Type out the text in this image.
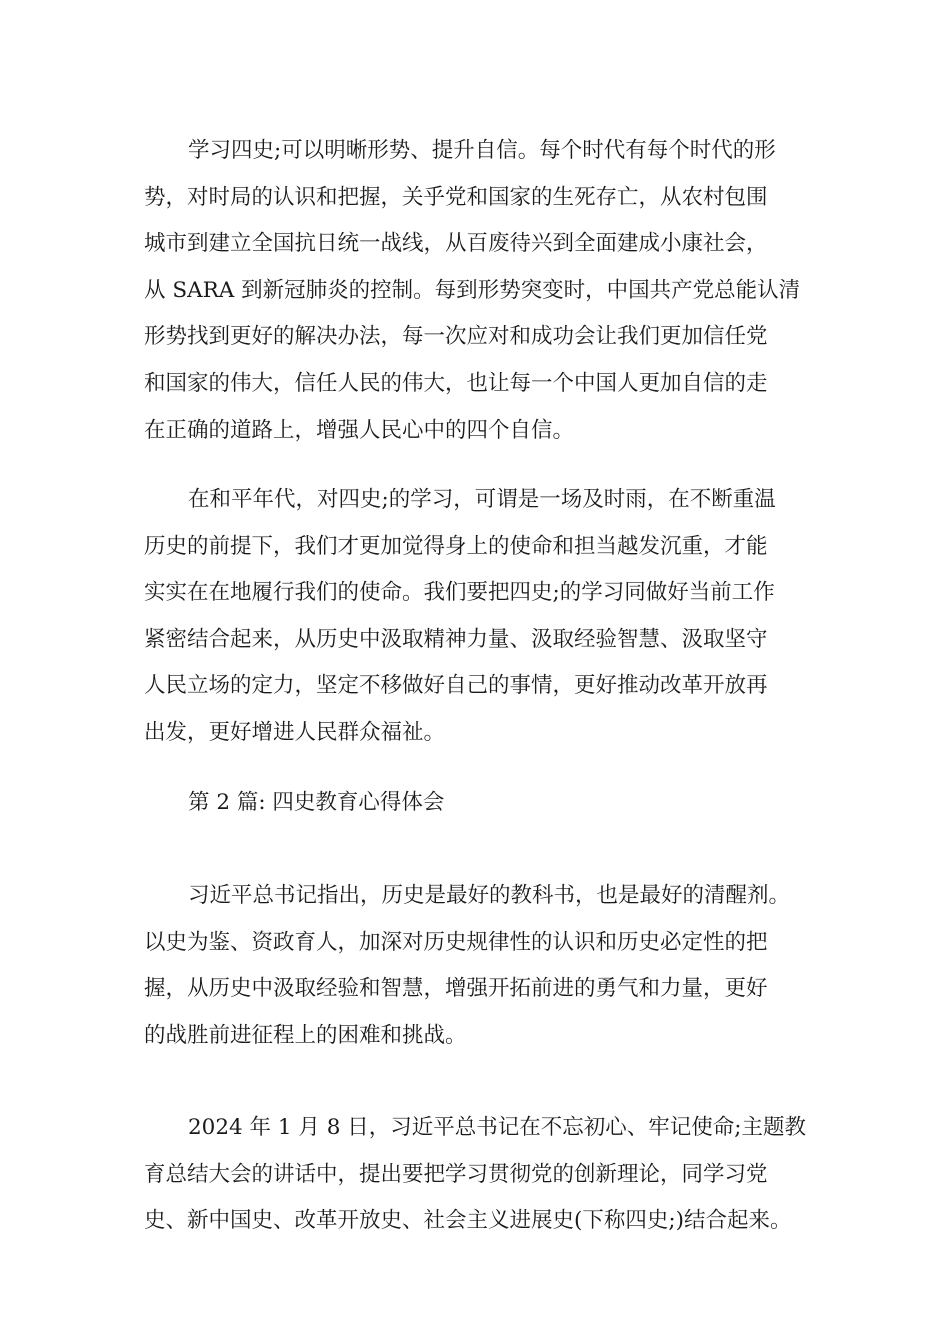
学习四史;可以明晰形势、提升自信。每个时代有每个时代的形
势，对时局的认识和把握，关乎党和国家的生死存亡，从农村包围
城市到建立全国抗日统一战线，从百废待兴到全面建成小康社会，
从 SARA 到新冠肺炎的控制。每到形势突变时，中国共产党总能认清
形势找到更好的解决办法，每一次应对和成功会让我们更加信任党
和国家的伟大，信任人民的伟大，也让每一个中国人更加自信的走
在正确的道路上，增强人民心中的四个自信。
在和平年代，对四史;的学习，可谓是一场及时雨，在不断重温
历史的前提下，我们才更加觉得身上的使命和担当越发沉重，才能
实实在在地履行我们的使命。我们要把四史;的学习同做好当前工作
紧密结合起来，从历史中汲取精神力量、汲取经验智慧、汲取坚守
人民立场的定力，坚定不移做好自己的事情，更好推动改革开放再
出发，更好增进人民群众福祉。
第 2 篇: 四史教育心得体会
习近平总书记指出，历史是最好的教科书，也是最好的清醒剂。
以史为鉴、资政育人，加深对历史规律性的认识和历史必定性的把
握，从历史中汲取经验和智慧，增强开拓前进的勇气和力量，更好
的战胜前进征程上的困难和挑战。
2024 年 1 月 8 日，习近平总书记在不忘初心、牢记使命;主题教
育总结大会的讲话中，提出要把学习贯彻党的创新理论，同学习党
史、新中国史、改革开放史、社会主义进展史(下称四史;)结合起来。
